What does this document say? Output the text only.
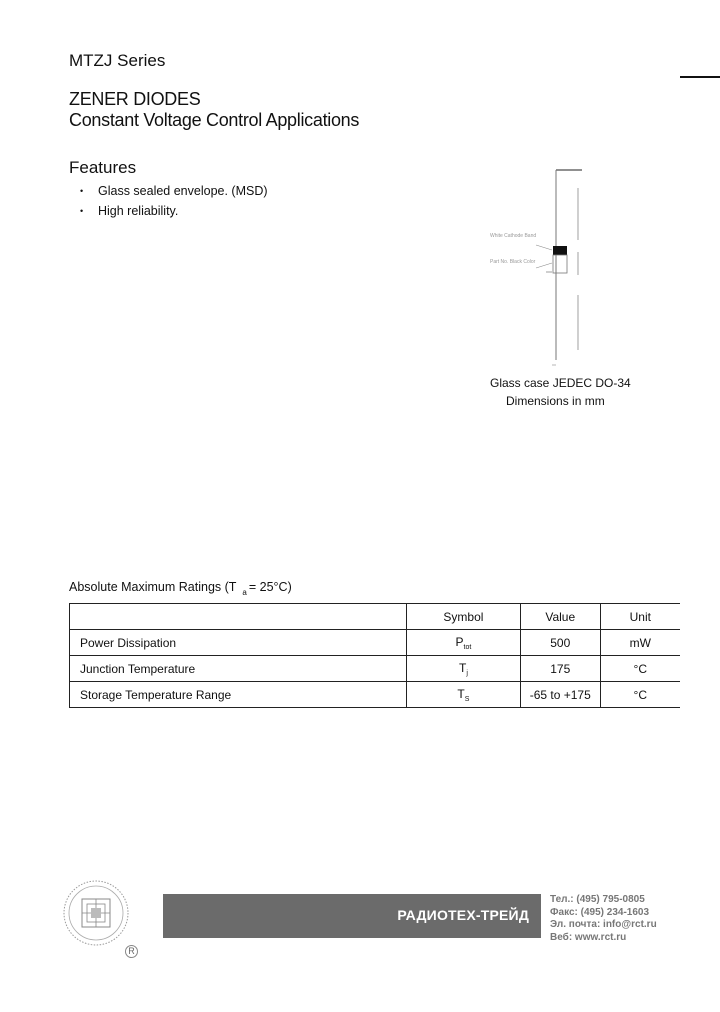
MTZJ Series
ZENER DIODES
Constant Voltage Control Applications
Features
• Glass sealed envelope. (MSD)
• High reliability.
White Cathode Band
Part No. Black Color
Glass case JEDEC DO-34
Dimensions in mm
Absolute Maximum Ratings (T $_a$ = 25°C)
	Symbol	Value	Unit
Power Dissipation	$P_{tot}$	500	mW
Junction Temperature	$T_j$	175	°C
Storage Temperature Range	$T_S$	-65 to +175	°C
R
РАДИОТЕХ-ТРЕЙД
Тел.: (495) 795-0805
Факс: (495) 234-1603
Эл. почта: info@rct.ru
Веб: www.rct.ru
